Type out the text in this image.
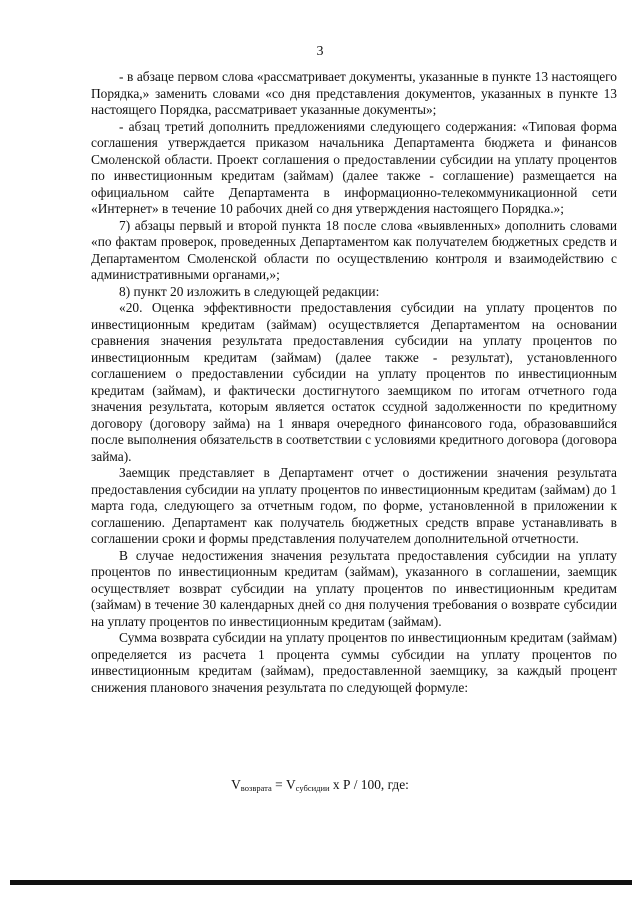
3

- в абзаце первом слова «рассматривает документы, указанные в пункте 13 настоящего Порядка,» заменить словами «со дня представления документов, указанных в пункте 13 настоящего Порядка, рассматривает указанные документы»;

- абзац третий дополнить предложениями следующего содержания: «Типовая форма соглашения утверждается приказом начальника Департамента бюджета и финансов Смоленской области. Проект соглашения о предоставлении субсидии на уплату процентов по инвестиционным кредитам (займам) (далее также - соглашение) размещается на официальном сайте Департамента в информационно-телекоммуникационной сети «Интернет» в течение 10 рабочих дней со дня утверждения настоящего Порядка.»;

7) абзацы первый и второй пункта 18 после слова «выявленных» дополнить словами «по фактам проверок, проведенных Департаментом как получателем бюджетных средств и Департаментом Смоленской области по осуществлению контроля и взаимодействию с административными органами,»;

8) пункт 20 изложить в следующей редакции:

«20. Оценка эффективности предоставления субсидии на уплату процентов по инвестиционным кредитам (займам) осуществляется Департаментом на основании сравнения значения результата предоставления субсидии на уплату процентов по инвестиционным кредитам (займам) (далее также - результат), установленного соглашением о предоставлении субсидии на уплату процентов по инвестиционным кредитам (займам), и фактически достигнутого заемщиком по итогам отчетного года значения результата, которым является остаток ссудной задолженности по кредитному договору (договору займа) на 1 января очередного финансового года, образовавшийся после выполнения обязательств в соответствии с условиями кредитного договора (договора займа).

Заемщик представляет в Департамент отчет о достижении значения результата предоставления субсидии на уплату процентов по инвестиционным кредитам (займам) до 1 марта года, следующего за отчетным годом, по форме, установленной в приложении к соглашению. Департамент как получатель бюджетных средств вправе устанавливать в соглашении сроки и формы представления получателем дополнительной отчетности.

В случае недостижения значения результата предоставления субсидии на уплату процентов по инвестиционным кредитам (займам), указанного в соглашении, заемщик осуществляет возврат субсидии на уплату процентов по инвестиционным кредитам (займам) в течение 30 календарных дней со дня получения требования о возврате субсидии на уплату процентов по инвестиционным кредитам (займам).

Сумма возврата субсидии на уплату процентов по инвестиционным кредитам (займам) определяется из расчета 1 процента суммы субсидии на уплату процентов по инвестиционным кредитам (займам), предоставленной заемщику, за каждый процент снижения планового значения результата по следующей формуле:

$V_{возврата} = V_{субсидии}$ х Р / 100, где:
